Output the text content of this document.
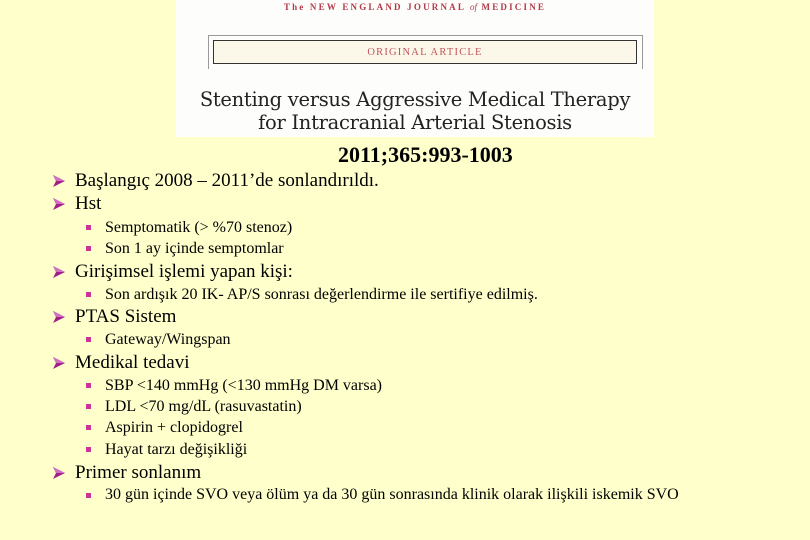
The NEW ENGLAND JOURNAL of MEDICINE
ORIGINAL ARTICLE
Stenting versus Aggressive Medical Therapy
for Intracranial Arterial Stenosis
2011;365:993-1003
Başlangıç 2008 – 2011’de sonlandırıldı.
Hst
Semptomatik (> %70 stenoz)
Son 1 ay içinde semptomlar
Girişimsel işlemi yapan kişi:
Son ardışık 20 IK- AP/S sonrası değerlendirme ile sertifiye edilmiş.
PTAS Sistem
Gateway/Wingspan
Medikal tedavi
SBP <140 mmHg (<130 mmHg DM varsa)
LDL <70 mg/dL (rasuvastatin)
Aspirin + clopidogrel
Hayat tarzı değişikliği
Primer sonlanım
30 gün içinde SVO veya ölüm ya da 30 gün sonrasında klinik olarak ilişkili iskemik SVO
